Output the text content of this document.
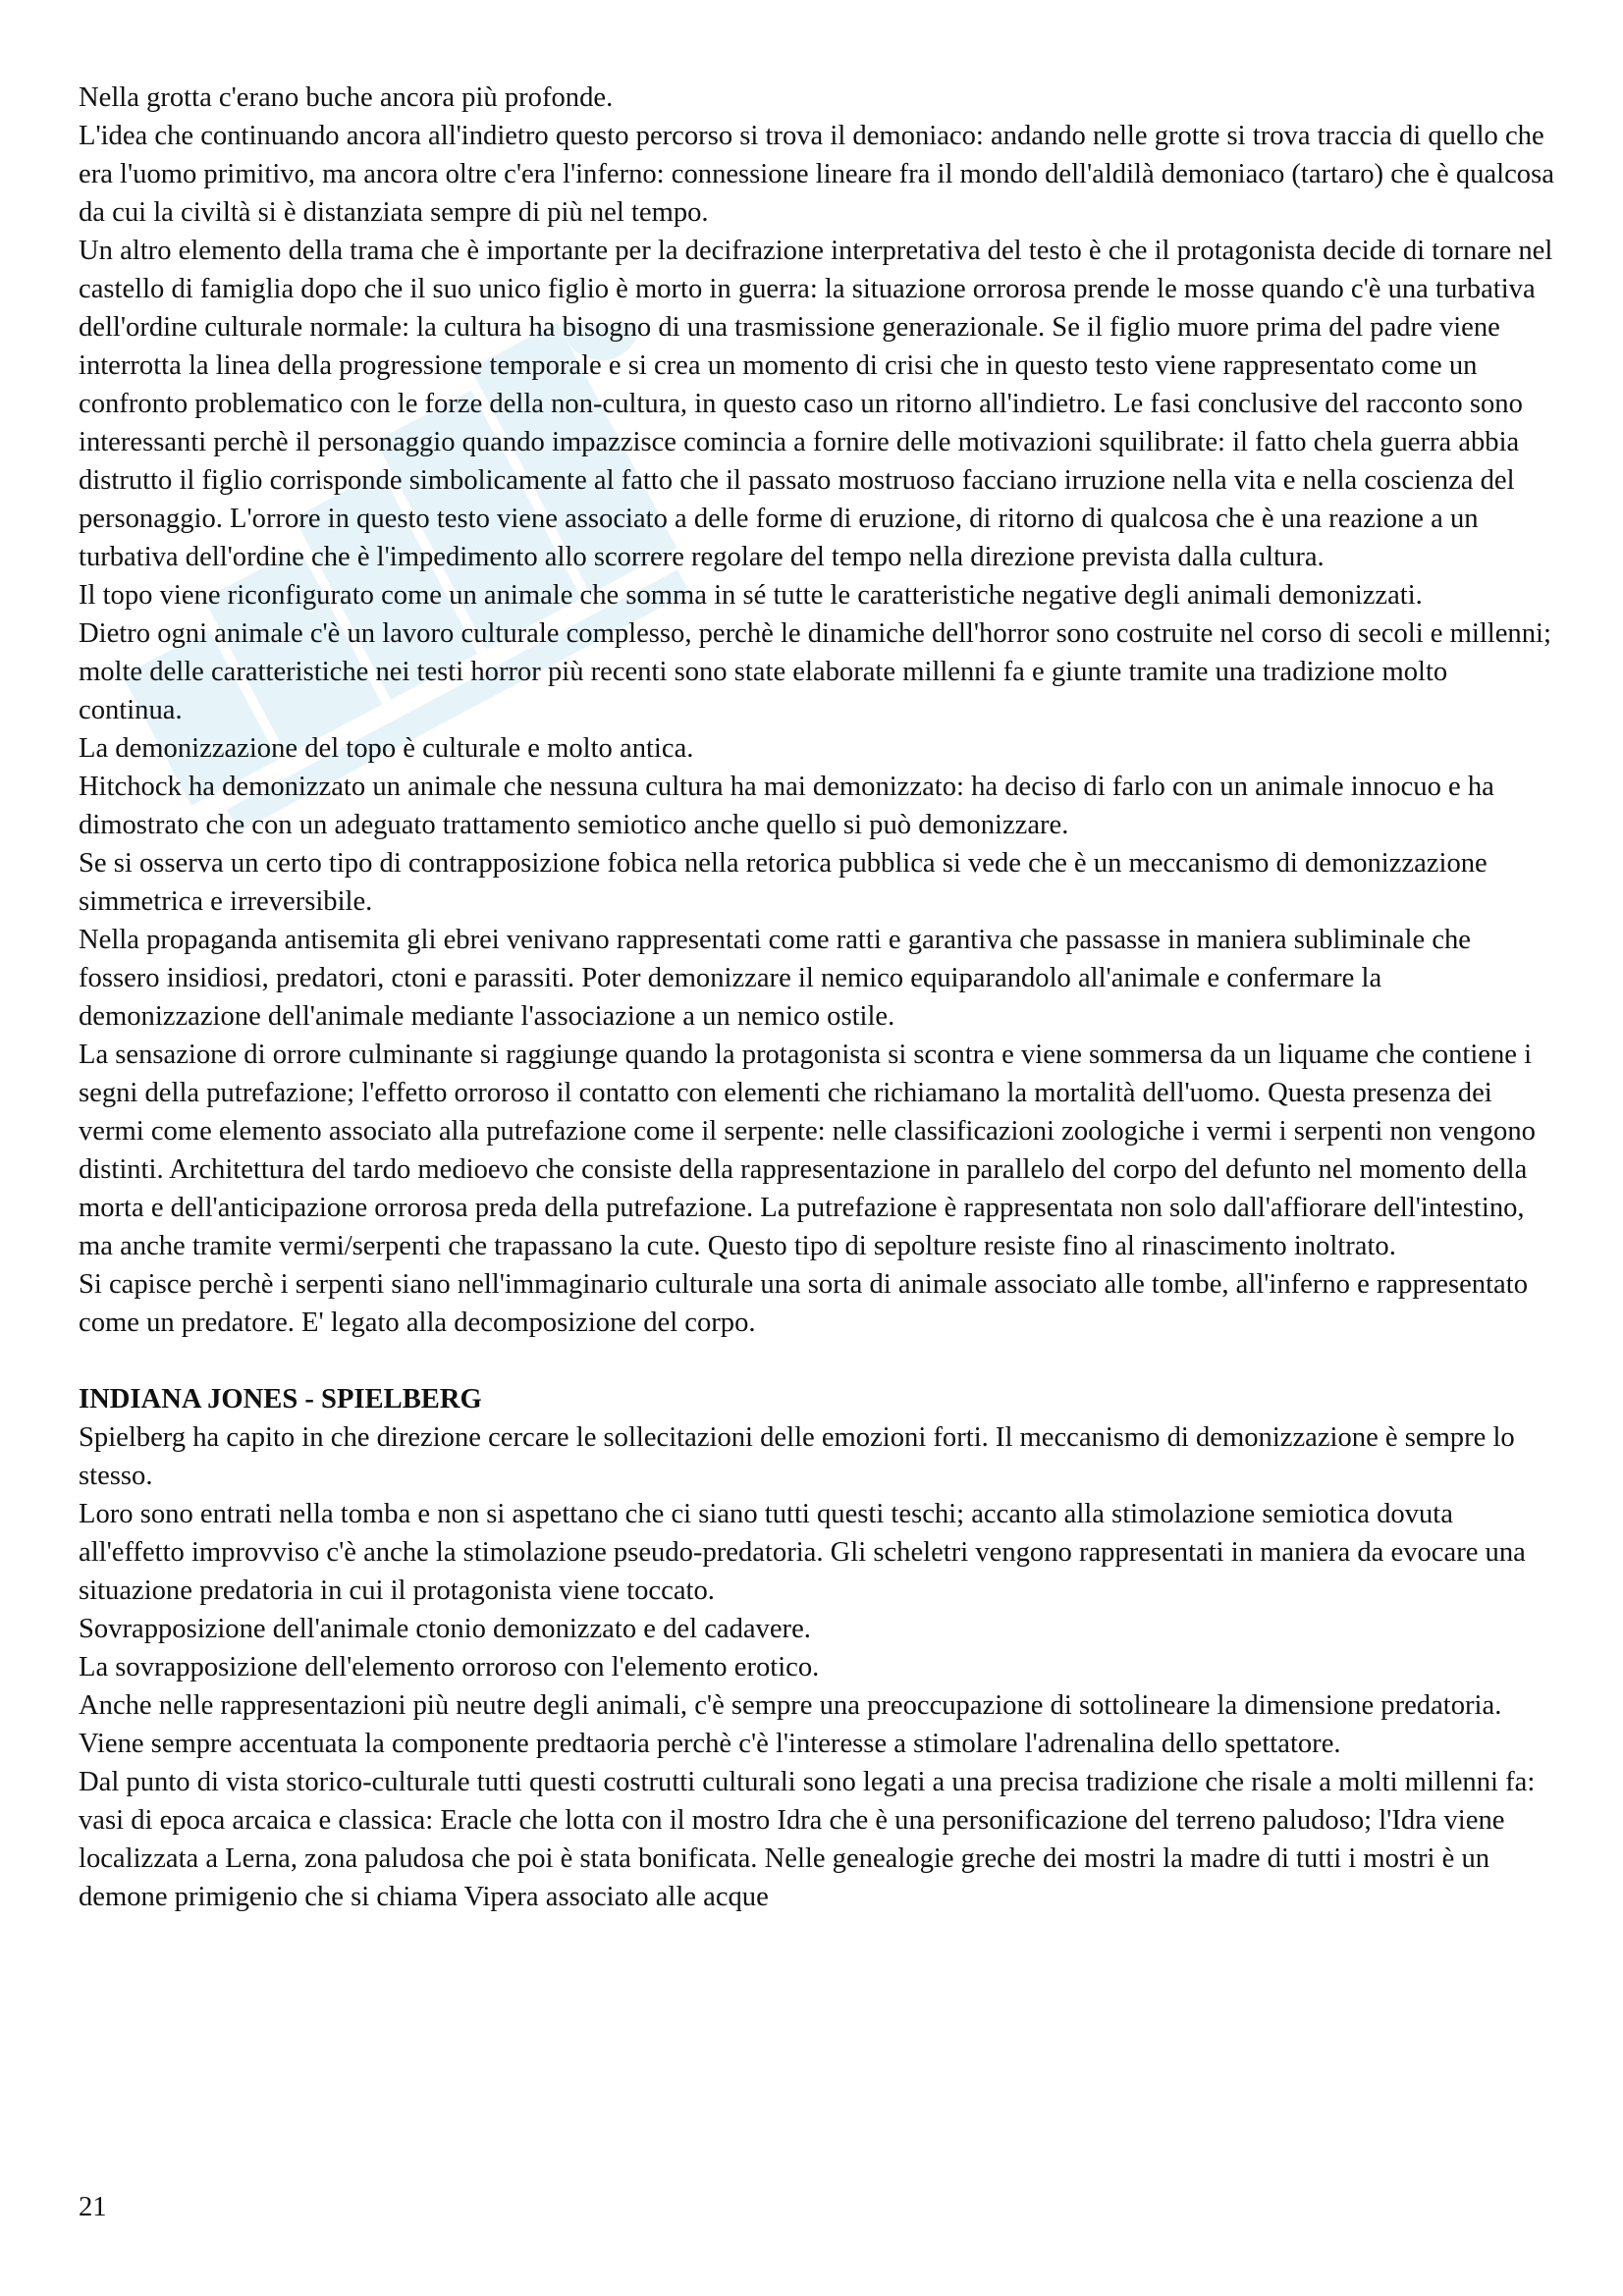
Nella grotta c'erano buche ancora più profonde.

L'idea che continuando ancora all'indietro questo percorso si trova il demoniaco: andando nelle grotte si trova traccia di quello che era l'uomo primitivo, ma ancora oltre c'era l'inferno: connessione lineare fra il mondo dell'aldilà demoniaco (tartaro) che è qualcosa da cui la civiltà si è distanziata sempre di più nel tempo.

Un altro elemento della trama che è importante per la decifrazione interpretativa del testo è che il protagonista decide di tornare nel castello di famiglia dopo che il suo unico figlio è morto in guerra: la situazione orrorosa prende le mosse quando c'è una turbativa dell'ordine culturale normale: la cultura ha bisogno di una trasmissione generazionale. Se il figlio muore prima del padre viene interrotta la linea della progressione temporale e si crea un momento di crisi che in questo testo viene rappresentato come un confronto problematico con le forze della non-cultura, in questo caso un ritorno all'indietro. Le fasi conclusive del racconto sono interessanti perchè il personaggio quando impazzisce comincia a fornire delle motivazioni squilibrate: il fatto chela guerra abbia distrutto il figlio corrisponde simbolicamente al fatto che il passato mostruoso facciano irruzione nella vita e nella coscienza del personaggio. L'orrore in questo testo viene associato a delle forme di eruzione, di ritorno di qualcosa che è una reazione a un turbativa dell'ordine che è l'impedimento allo scorrere regolare del tempo nella direzione prevista dalla cultura.

Il topo viene riconfigurato come un animale che somma in sé tutte le caratteristiche negative degli animali demonizzati.

Dietro ogni animale c'è un lavoro culturale complesso, perchè le dinamiche dell'horror sono costruite nel corso di secoli e millenni; molte delle caratteristiche nei testi horror più recenti sono state elaborate millenni fa e giunte tramite una tradizione molto continua.

La demonizzazione del topo è culturale e molto antica.

Hitchock ha demonizzato un animale che nessuna cultura ha mai demonizzato: ha deciso di farlo con un animale innocuo e ha dimostrato che con un adeguato trattamento semiotico anche quello si può demonizzare.

Se si osserva un certo tipo di contrapposizione fobica nella retorica pubblica si vede che è un meccanismo di demonizzazione simmetrica e irreversibile.

Nella propaganda antisemita gli ebrei venivano rappresentati come ratti e garantiva che passasse in maniera subliminale che fossero insidiosi, predatori, ctoni e parassiti. Poter demonizzare il nemico equiparandolo all'animale e confermare la demonizzazione dell'animale mediante l'associazione a un nemico ostile.

La sensazione di orrore culminante si raggiunge quando la protagonista si scontra e viene sommersa da un liquame che contiene i segni della putrefazione; l'effetto orroroso il contatto con elementi che richiamano la mortalità dell'uomo. Questa presenza dei vermi come elemento associato alla putrefazione come il serpente: nelle classificazioni zoologiche i vermi i serpenti non vengono distinti. Architettura del tardo medioevo che consiste della rappresentazione in parallelo del corpo del defunto nel momento della morta e dell'anticipazione orrorosa preda della putrefazione. La putrefazione è rappresentata non solo dall'affiorare dell'intestino, ma anche tramite vermi/serpenti che trapassano la cute. Questo tipo di sepolture resiste fino al rinascimento inoltrato.

Si capisce perchè i serpenti siano nell'immaginario culturale una sorta di animale associato alle tombe, all'inferno e rappresentato come un predatore. E' legato alla decomposizione del corpo.

INDIANA JONES - SPIELBERG

Spielberg ha capito in che direzione cercare le sollecitazioni delle emozioni forti. Il meccanismo di demonizzazione è sempre lo stesso.

Loro sono entrati nella tomba e non si aspettano che ci siano tutti questi teschi; accanto alla stimolazione semiotica dovuta all'effetto improvviso c'è anche la stimolazione pseudo-predatoria. Gli scheletri vengono rappresentati in maniera da evocare una situazione predatoria in cui il protagonista viene toccato.

Sovrapposizione dell'animale ctonio demonizzato e del cadavere.

La sovrapposizione dell'elemento orroroso con l'elemento erotico.

Anche nelle rappresentazioni più neutre degli animali, c'è sempre una preoccupazione di sottolineare la dimensione predatoria. Viene sempre accentuata la componente predtaoria perchè c'è l'interesse a stimolare l'adrenalina dello spettatore.

Dal punto di vista storico-culturale tutti questi costrutti culturali sono legati a una precisa tradizione che risale a molti millenni fa: vasi di epoca arcaica e classica: Eracle che lotta con il mostro Idra che è una personificazione del terreno paludoso; l'Idra viene localizzata a Lerna, zona paludosa che poi è stata bonificata. Nelle genealogie greche dei mostri la madre di tutti i mostri è un demone primigenio che si chiama Vipera associato alle acque

21
